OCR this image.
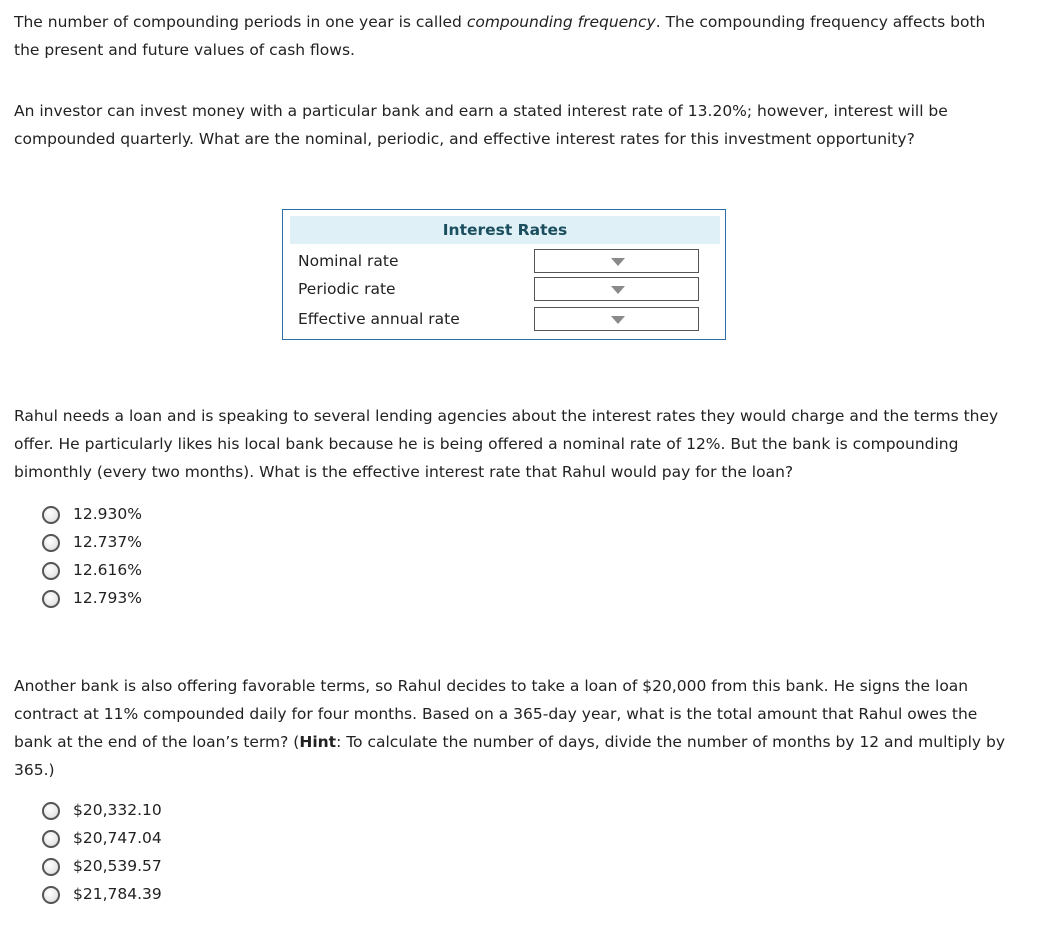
The number of compounding periods in one year is called compounding frequency. The compounding frequency affects both the present and future values of cash flows.

An investor can invest money with a particular bank and earn a stated interest rate of 13.20%; however, interest will be compounded quarterly. What are the nominal, periodic, and effective interest rates for this investment opportunity?

Interest Rates
Nominal rate
Periodic rate
Effective annual rate

Rahul needs a loan and is speaking to several lending agencies about the interest rates they would charge and the terms they offer. He particularly likes his local bank because he is being offered a nominal rate of 12%. But the bank is compounding bimonthly (every two months). What is the effective interest rate that Rahul would pay for the loan?

12.930%
12.737%
12.616%
12.793%

Another bank is also offering favorable terms, so Rahul decides to take a loan of $20,000 from this bank. He signs the loan contract at 11% compounded daily for four months. Based on a 365-day year, what is the total amount that Rahul owes the bank at the end of the loan’s term? (Hint: To calculate the number of days, divide the number of months by 12 and multiply by 365.)

$20,332.10
$20,747.04
$20,539.57
$21,784.39
